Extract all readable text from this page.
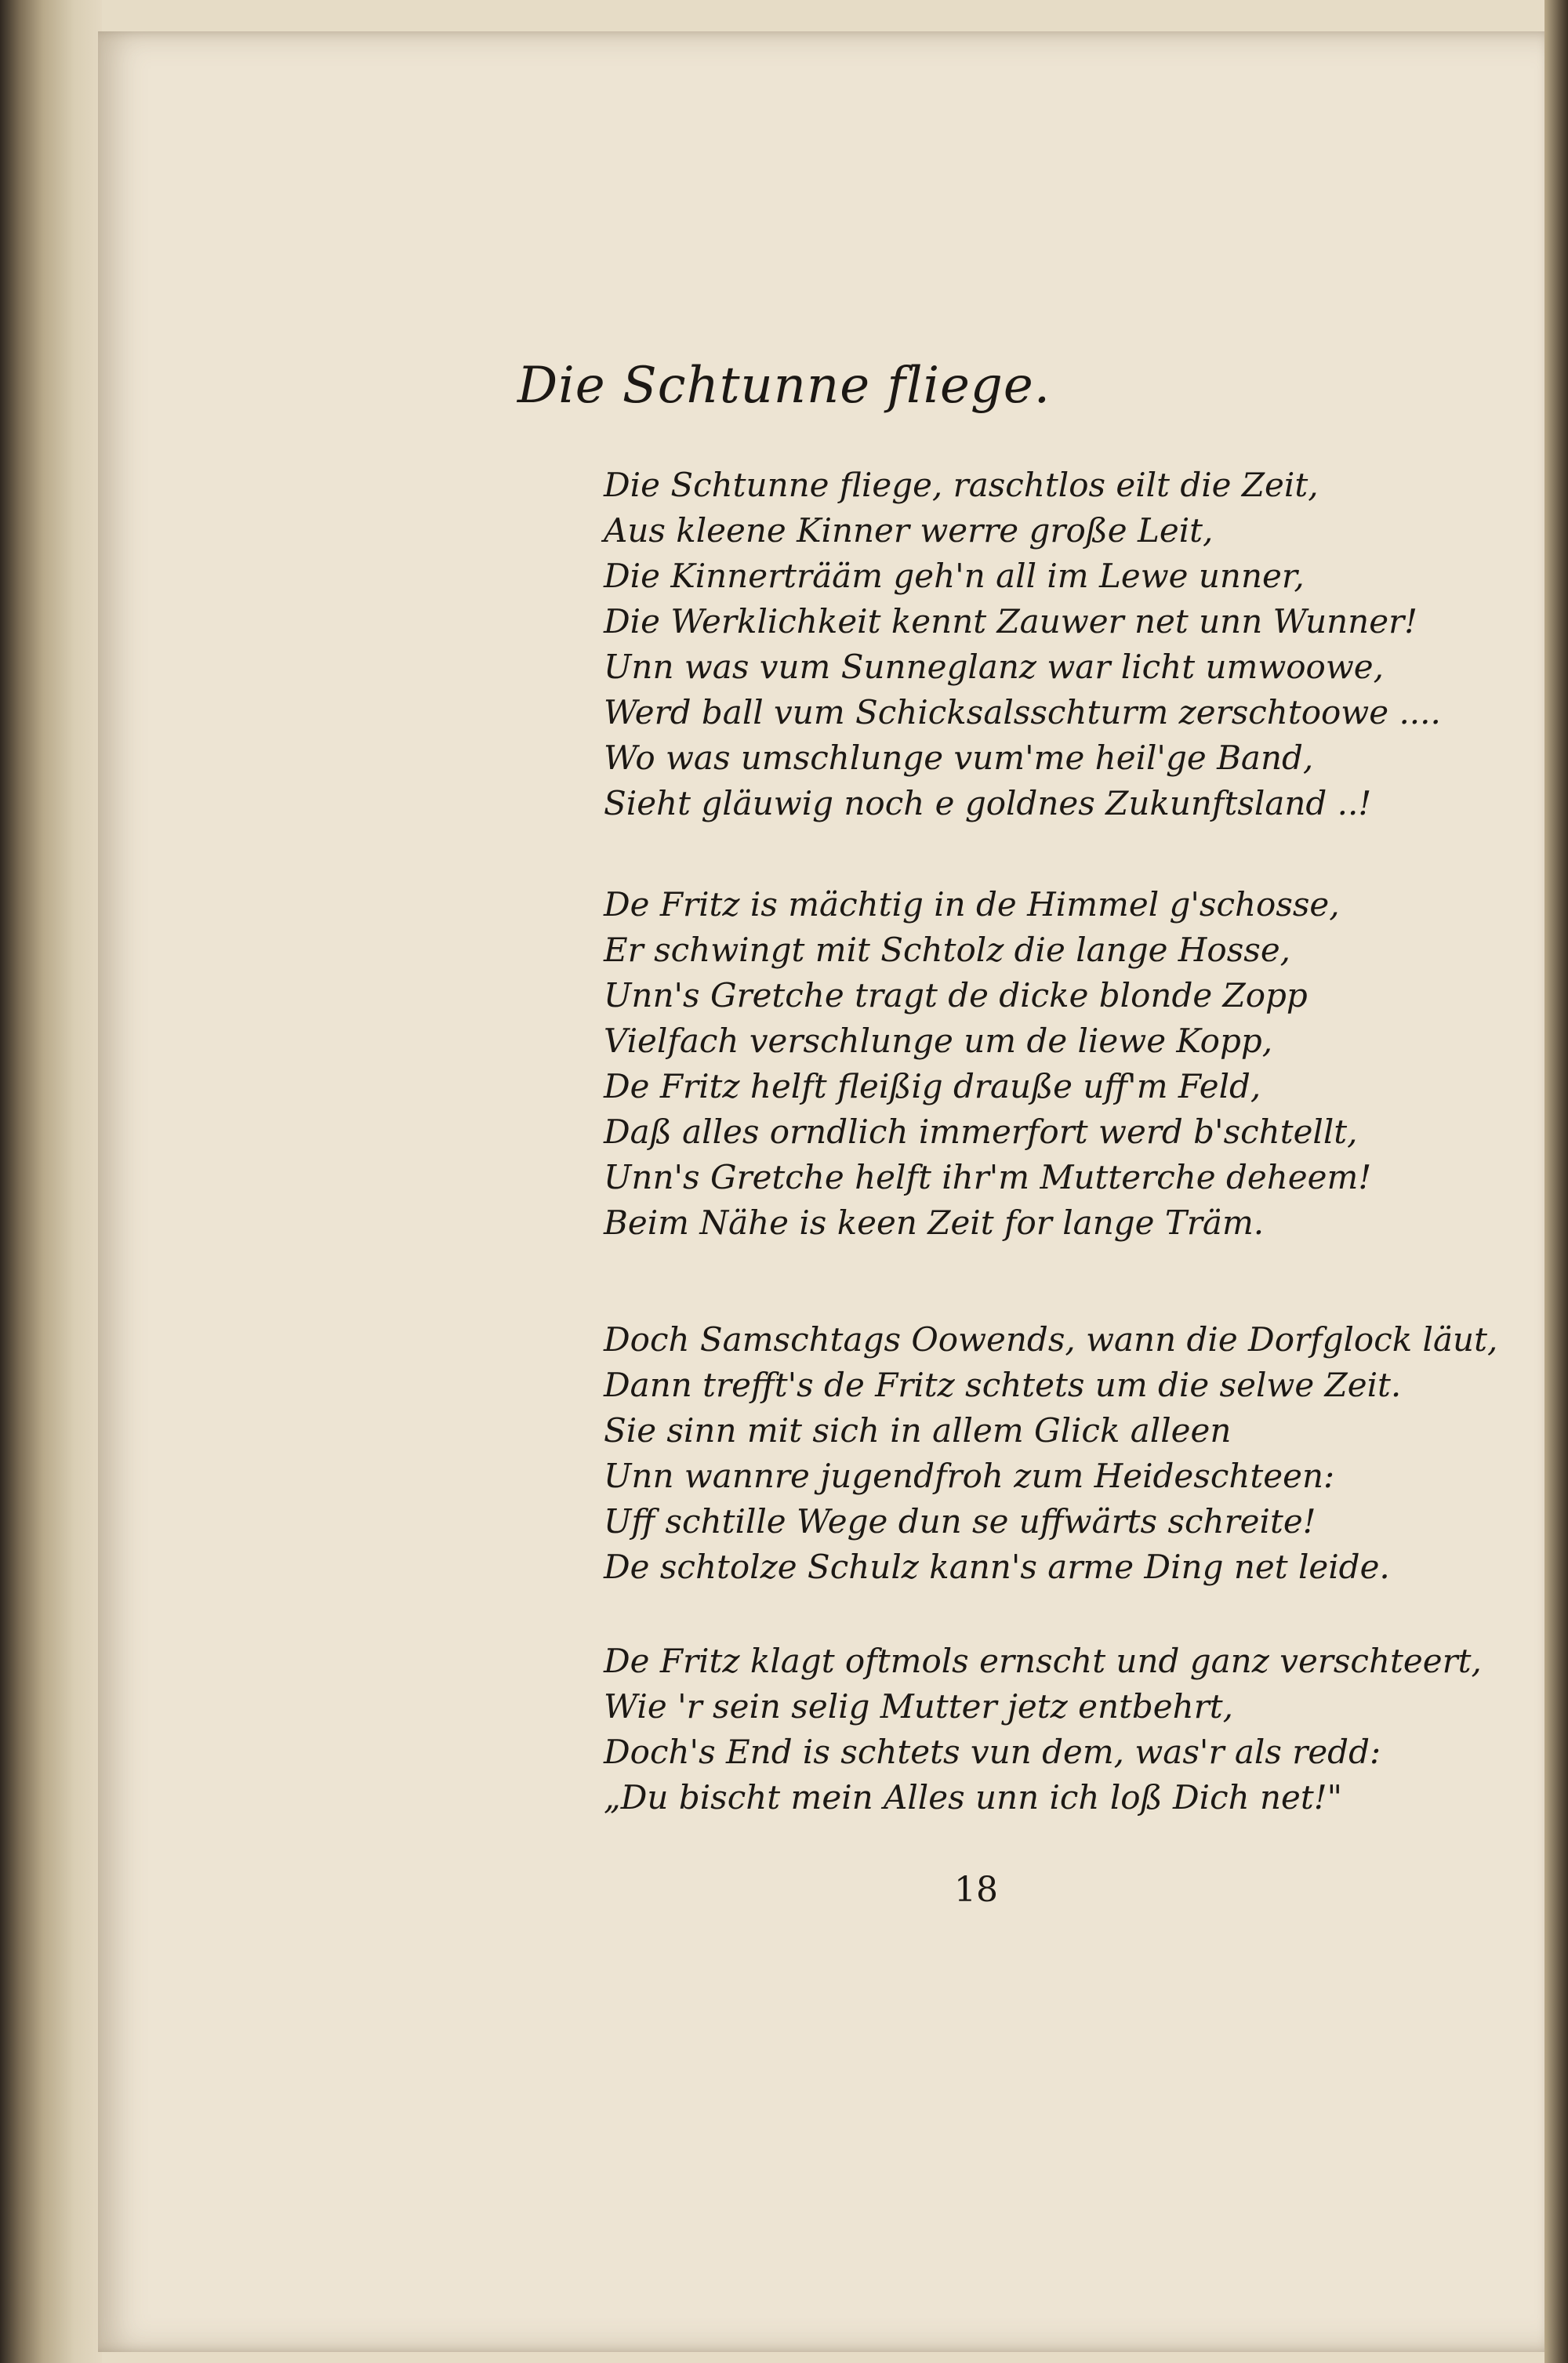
Die Schtunne fliege.
Die Schtunne fliege, raschtlos eilt die Zeit,
Aus kleene Kinner werre große Leit,
Die Kinnerträäm geh'n all im Lewe unner,
Die Werklichkeit kennt Zauwer net unn Wunner!
Unn was vum Sunneglanz war licht umwoowe,
Werd ball vum Schicksalsschturm zerschtoowe ....
Wo was umschlunge vum'me heil'ge Band,
Sieht gläuwig noch e goldnes Zukunftsland ..!
De Fritz is mächtig in de Himmel g'schosse,
Er schwingt mit Schtolz die lange Hosse,
Unn's Gretche tragt de dicke blonde Zopp
Vielfach verschlunge um de liewe Kopp,
De Fritz helft fleißig drauße uff'm Feld,
Daß alles orndlich immerfort werd b'schtellt,
Unn's Gretche helft ihr'm Mutterche deheem!
Beim Nähe is keen Zeit for lange Träm.
Doch Samschtags Oowends, wann die Dorfglock läut,
Dann trefft's de Fritz schtets um die selwe Zeit.
Sie sinn mit sich in allem Glick alleen
Unn wannre jugendfroh zum Heideschteen:
Uff schtille Wege dun se uffwärts schreite!
De schtolze Schulz kann's arme Ding net leide.
De Fritz klagt oftmols ernscht und ganz verschteert,
Wie 'r sein selig Mutter jetz entbehrt,
Doch's End is schtets vun dem, was'r als redd:
„Du bischt mein Alles unn ich loß Dich net!"
18
